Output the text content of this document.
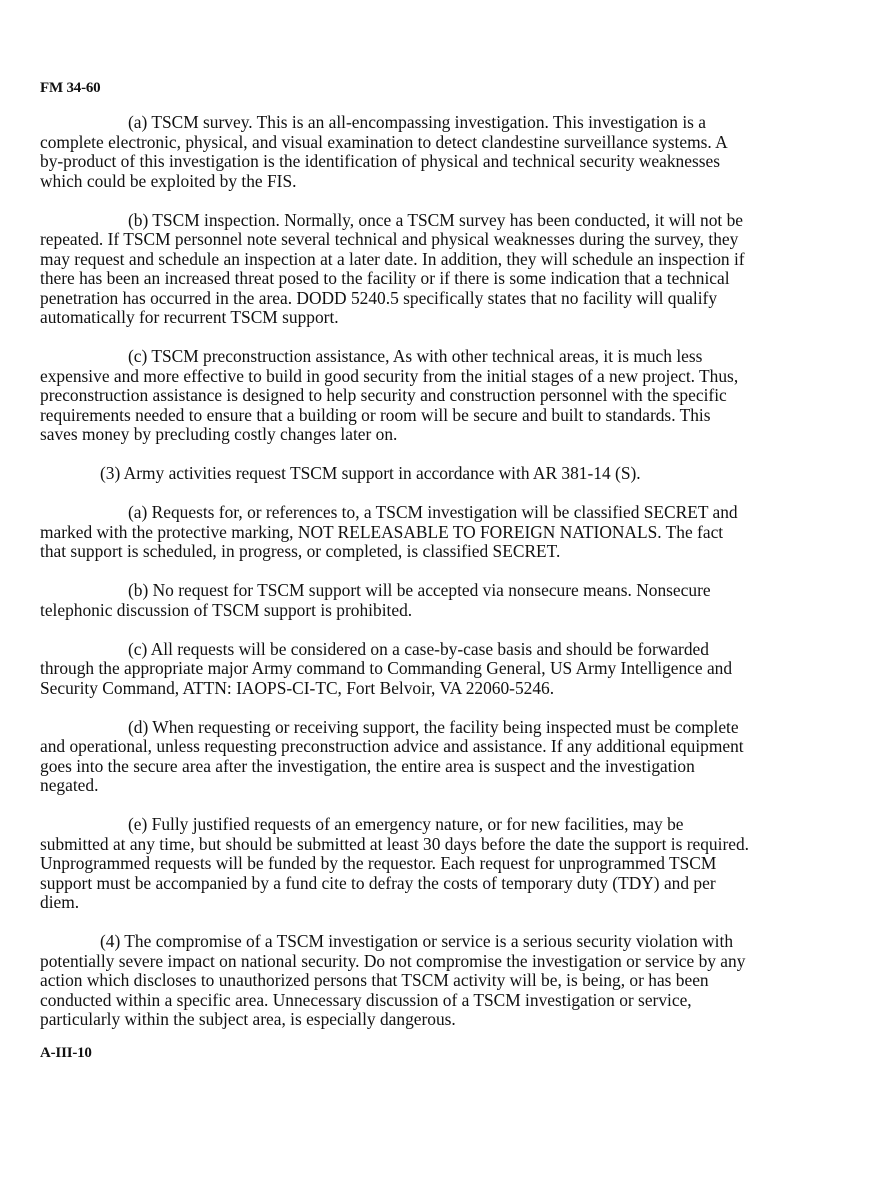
FM 34-60

(a) TSCM survey. This is an all-encompassing investigation. This investigation is a complete electronic, physical, and visual examination to detect clandestine surveillance systems. A by-product of this investigation is the identification of physical and technical security weaknesses which could be exploited by the FIS.

(b) TSCM inspection. Normally, once a TSCM survey has been conducted, it will not be repeated. If TSCM personnel note several technical and physical weaknesses during the survey, they may request and schedule an inspection at a later date. In addition, they will schedule an inspection if there has been an increased threat posed to the facility or if there is some indication that a technical penetration has occurred in the area. DODD 5240.5 specifically states that no facility will qualify automatically for recurrent TSCM support.

(c) TSCM preconstruction assistance, As with other technical areas, it is much less expensive and more effective to build in good security from the initial stages of a new project. Thus, preconstruction assistance is designed to help security and construction personnel with the specific requirements needed to ensure that a building or room will be secure and built to standards. This saves money by precluding costly changes later on.

(3) Army activities request TSCM support in accordance with AR 381-14 (S).

(a) Requests for, or references to, a TSCM investigation will be classified SECRET and marked with the protective marking, NOT RELEASABLE TO FOREIGN NATIONALS. The fact that support is scheduled, in progress, or completed, is classified SECRET.

(b) No request for TSCM support will be accepted via nonsecure means. Nonsecure telephonic discussion of TSCM support is prohibited.

(c) All requests will be considered on a case-by-case basis and should be forwarded through the appropriate major Army command to Commanding General, US Army Intelligence and Security Command, ATTN: IAOPS-CI-TC, Fort Belvoir, VA 22060-5246.

(d) When requesting or receiving support, the facility being inspected must be complete and operational, unless requesting preconstruction advice and assistance. If any additional equipment goes into the secure area after the investigation, the entire area is suspect and the investigation negated.

(e) Fully justified requests of an emergency nature, or for new facilities, may be submitted at any time, but should be submitted at least 30 days before the date the support is required. Unprogrammed requests will be funded by the requestor. Each request for unprogrammed TSCM support must be accompanied by a fund cite to defray the costs of temporary duty (TDY) and per diem.

(4) The compromise of a TSCM investigation or service is a serious security violation with potentially severe impact on national security. Do not compromise the investigation or service by any action which discloses to unauthorized persons that TSCM activity will be, is being, or has been conducted within a specific area. Unnecessary discussion of a TSCM investigation or service, particularly within the subject area, is especially dangerous.

A-III-10
